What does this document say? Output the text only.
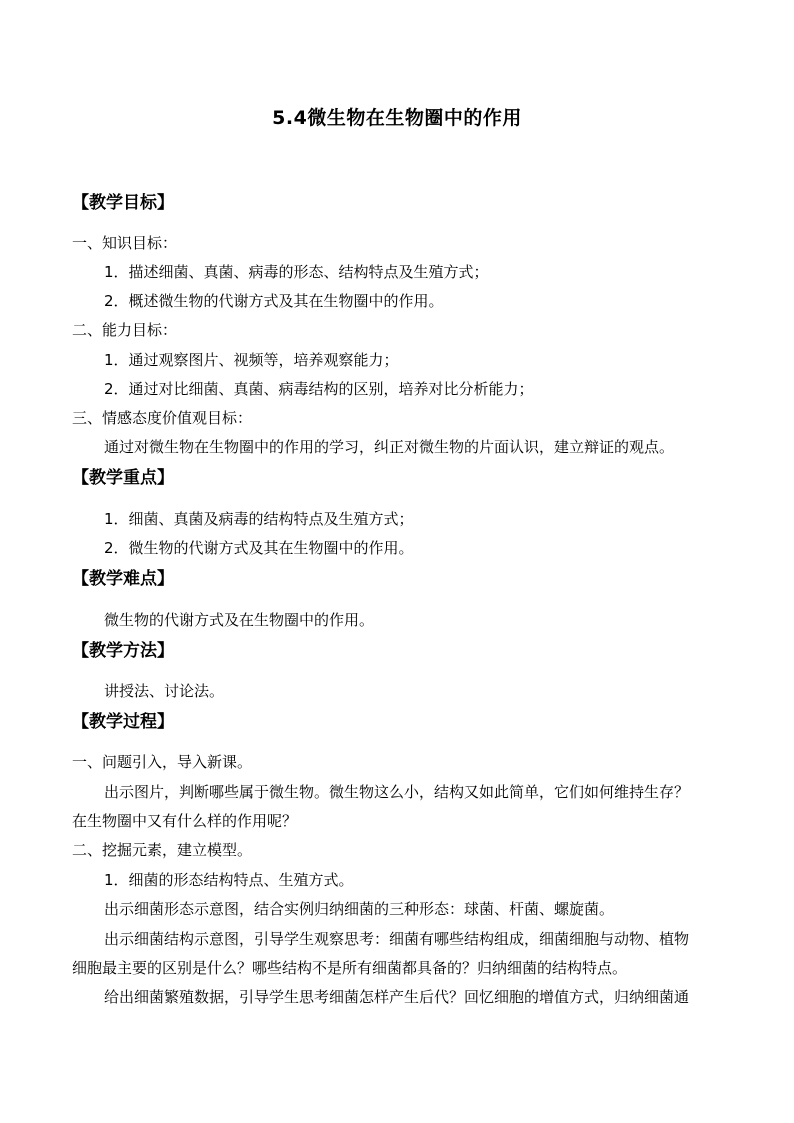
5.4微生物在生物圈中的作用
【教学目标】
一、知识目标：
1．描述细菌、真菌、病毒的形态、结构特点及生殖方式；
2．概述微生物的代谢方式及其在生物圈中的作用。
二、能力目标：
1．通过观察图片、视频等，培养观察能力；
2．通过对比细菌、真菌、病毒结构的区别，培养对比分析能力；
三、情感态度价值观目标：
通过对微生物在生物圈中的作用的学习，纠正对微生物的片面认识，建立辩证的观点。
【教学重点】
1．细菌、真菌及病毒的结构特点及生殖方式；
2．微生物的代谢方式及其在生物圈中的作用。
【教学难点】
微生物的代谢方式及在生物圈中的作用。
【教学方法】
讲授法、讨论法。
【教学过程】
一、问题引入，导入新课。
出示图片，判断哪些属于微生物。微生物这么小，结构又如此简单，它们如何维持生存？
在生物圈中又有什么样的作用呢？
二、挖掘元素，建立模型。
1．细菌的形态结构特点、生殖方式。
出示细菌形态示意图，结合实例归纳细菌的三种形态：球菌、杆菌、螺旋菌。
出示细菌结构示意图，引导学生观察思考：细菌有哪些结构组成，细菌细胞与动物、植物
细胞最主要的区别是什么？哪些结构不是所有细菌都具备的？归纳细菌的结构特点。
给出细菌繁殖数据，引导学生思考细菌怎样产生后代？回忆细胞的增值方式，归纳细菌通
